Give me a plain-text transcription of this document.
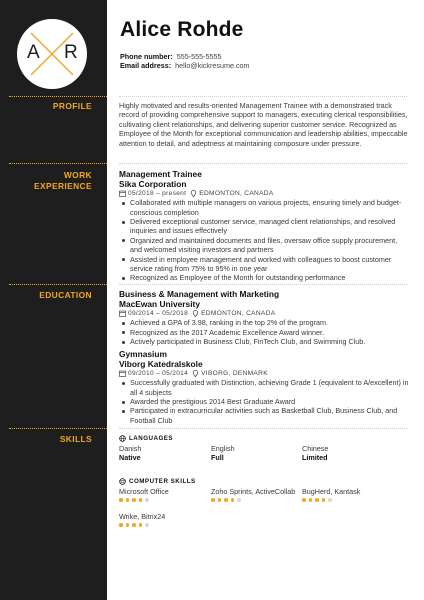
A R
PROFILE
WORK
EXPERIENCE
EDUCATION
SKILLS
Alice Rohde
Phone number: 555-555-5555
Email address: hello@kickresume.com
Highly motivated and results-oriented Management Trainee with a demonstrated track record of providing comprehensive support to managers, executing clerical responsibilities, cultivating client relationships, and delivering superior customer service. Recognized as Employee of the Month for exceptional communication and leadership abilities, impeccable attention to detail, and adeptness at maintaining composure under pressure.
Management Trainee
Sika Corporation
05/2018 – present EDMONTON, CANADA
Collaborated with multiple managers on various projects, ensuring timely and budget-conscious completion
Delivered exceptional customer service, managed client relationships, and resolved inquiries and issues effectively
Organized and maintained documents and files, oversaw office supply procurement, and welcomed visiting investors and partners
Assisted in employee management and worked with colleagues to boost customer service rating from 75% to 95% in one year
Recognized as Employee of the Month for outstanding performance
Business & Management with Marketing
MacEwan University
09/2014 – 05/2018 EDMONTON, CANADA
Achieved a GPA of 3.98, ranking in the top 2% of the program.
Recognized as the 2017 Academic Excellence Award winner.
Actively participated in Business Club, FinTech Club, and Swimming Club.
Gymnasium
Viborg Katedralskole
09/2010 – 05/2014 VIBORG, DENMARK
Successfully graduated with Distinction, achieving Grade 1 (equivalent to A/excellent) in all 4 subjects
Awarded the prestigious 2014 Best Graduate Award
Participated in extracurricular activities such as Basketball Club, Business Club, and Football Club
LANGUAGES
Danish
Native
English
Full
Chinese
Limited
COMPUTER SKILLS
Microsoft Office	Zoho Sprints, ActiveCollab BugHerd, Kantask
Wrike, Bitrix24
